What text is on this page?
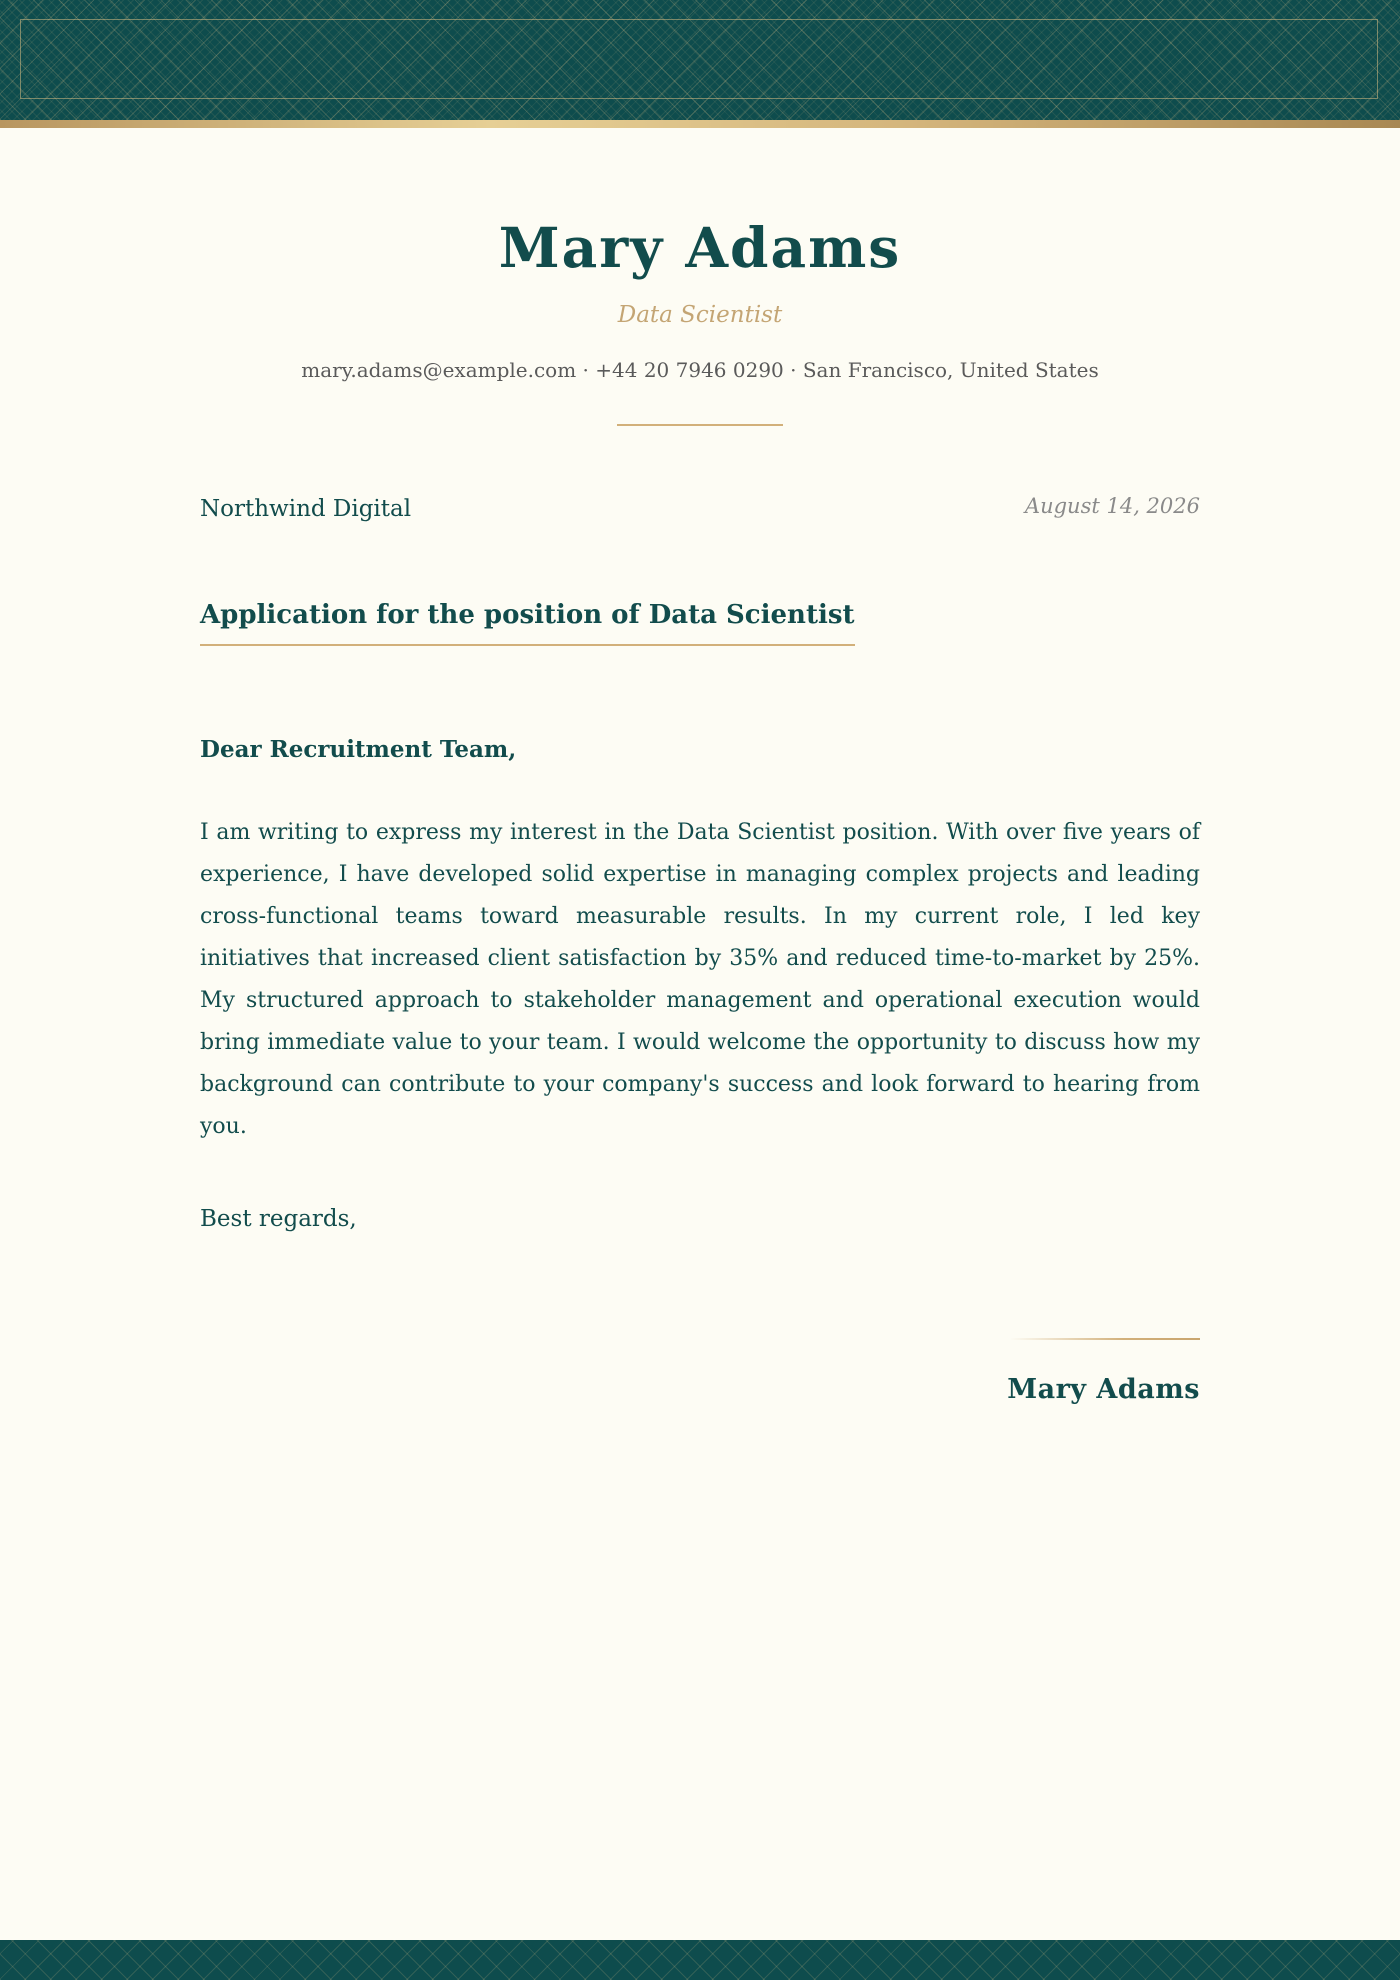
Mary Adams
Data Scientist
mary.adams@example.com · +44 20 7946 0290 · San Francisco, United States
Northwind Digital	August 14, 2026
Application for the position of Data Scientist
Dear Recruitment Team,

I am writing to express my interest in the Data Scientist position. With over five years of experience, I have developed solid expertise in managing complex projects and leading cross-functional teams toward measurable results. In my current role, I led key initiatives that increased client satisfaction by 35% and reduced time-to-market by 25%. My structured approach to stakeholder management and operational execution would bring immediate value to your team. I would welcome the opportunity to discuss how my background can contribute to your company's success and look forward to hearing from you.

Best regards,
Mary Adams
